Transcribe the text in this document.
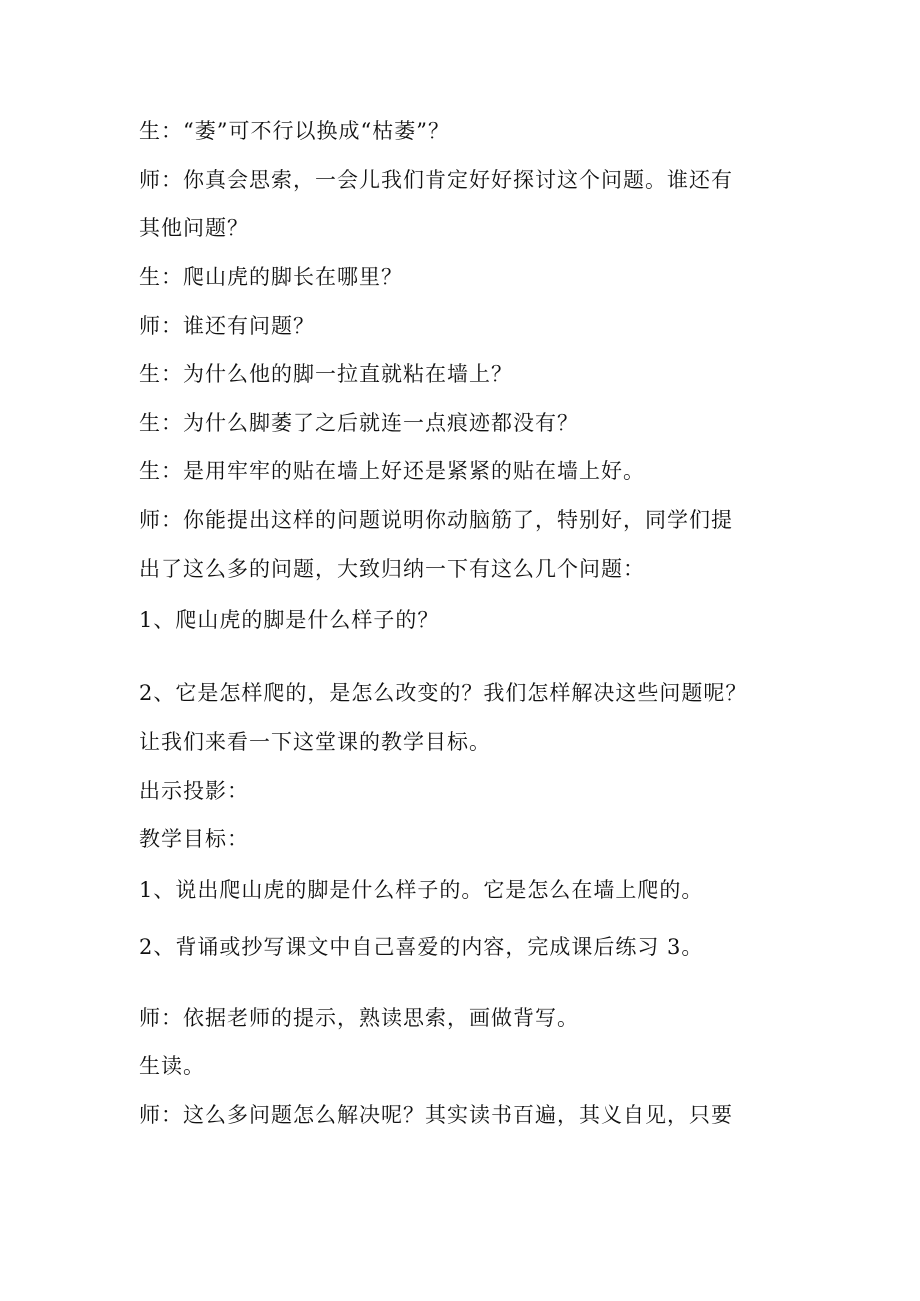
生：“萎”可不行以换成“枯萎”？
师：你真会思索，一会儿我们肯定好好探讨这个问题。谁还有
其他问题？
生：爬山虎的脚长在哪里？
师：谁还有问题？
生：为什么他的脚一拉直就粘在墙上？
生：为什么脚萎了之后就连一点痕迹都没有？
生：是用牢牢的贴在墙上好还是紧紧的贴在墙上好。
师：你能提出这样的问题说明你动脑筋了，特别好，同学们提
出了这么多的问题，大致归纳一下有这么几个问题：
1、爬山虎的脚是什么样子的？
2、它是怎样爬的，是怎么改变的？我们怎样解决这些问题呢？
让我们来看一下这堂课的教学目标。
出示投影：
教学目标：
1、说出爬山虎的脚是什么样子的。它是怎么在墙上爬的。
2、背诵或抄写课文中自己喜爱的内容，完成课后练习 3。
师：依据老师的提示，熟读思索，画做背写。
生读。
师：这么多问题怎么解决呢？其实读书百遍，其义自见，只要
